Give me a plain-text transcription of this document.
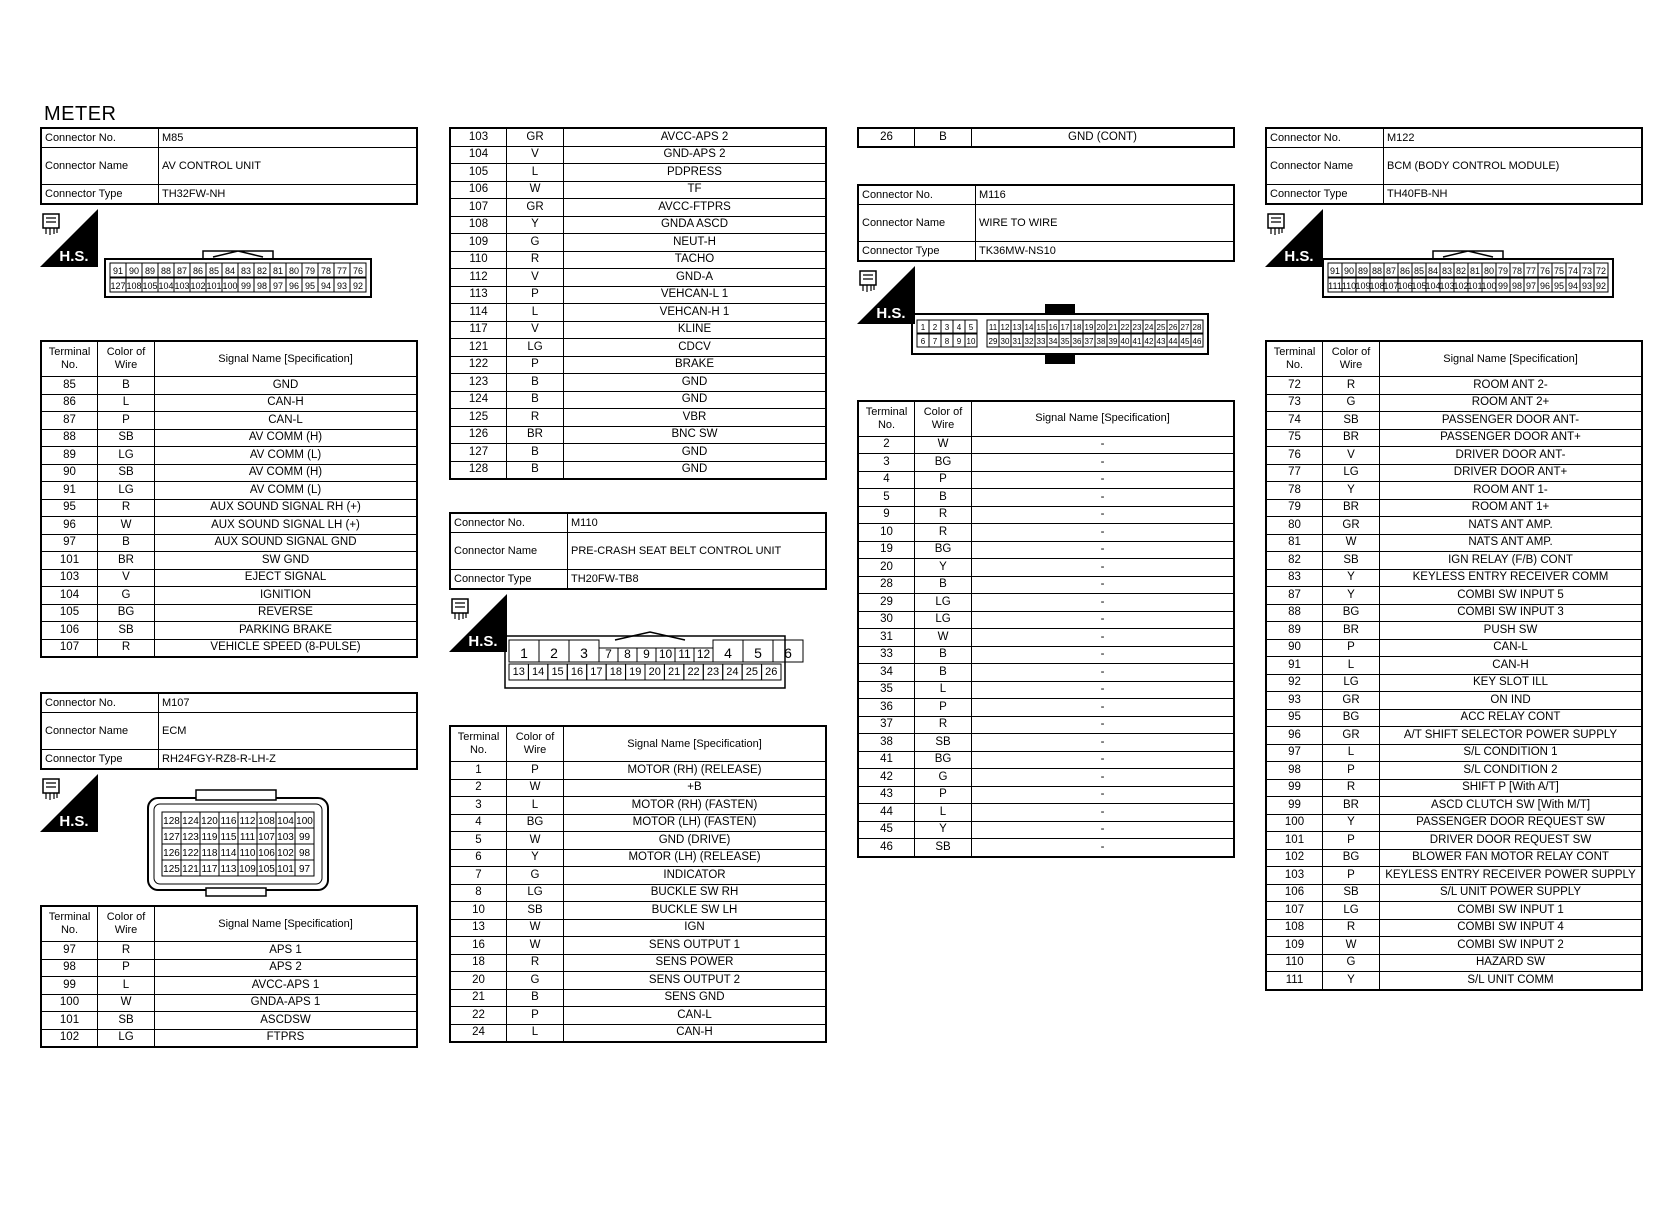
METER
Connector No.	M85
Connector Name	AV CONTROL UNIT
Connector Type	TH32FW-NH
H.S.
91 90 89 88 87 86 85 84 83 82 81 80 79 78 77 76
127 108 105 104 103 102 101 100 99 98 97 96 95 94 93 92
Terminal No.	Color of Wire	Signal Name [Specification]
85	B	GND
86	L	CAN-H
87	P	CAN-L
88	SB	AV COMM (H)
89	LG	AV COMM (L)
90	SB	AV COMM (H)
91	LG	AV COMM (L)
95	R	AUX SOUND SIGNAL RH (+)
96	W	AUX SOUND SIGNAL LH (+)
97	B	AUX SOUND SIGNAL GND
101	BR	SW GND
103	V	EJECT SIGNAL
104	G	IGNITION
105	BG	REVERSE
106	SB	PARKING BRAKE
107	R	VEHICLE SPEED (8-PULSE)
Connector No.	M107
Connector Name	ECM
Connector Type	RH24FGY-RZ8-R-LH-Z
H.S.	128 124 120 116 112 108 104 100
127 123 119 115 111 107 103 99
126 122 118 114 110 106 102 98
125 121 117 113 109 105 101 97
Terminal No.	Color of Wire	Signal Name [Specification]
97	R	APS 1
98	P	APS 2
99	L	AVCC-APS 1
100	W	GNDA-APS 1
101	SB	ASCDSW
102	LG	FTPRS
103	GR	AVCC-APS 2
104	V	GND-APS 2
105	L	PDPRESS
106	W	TF
107	GR	AVCC-FTPRS
108	Y	GNDA ASCD
109	G	NEUT-H
110	R	TACHO
112	V	GND-A
113	P	VEHCAN-L 1
114	L	VEHCAN-H 1
117	V	KLINE
121	LG	CDCV
122	P	BRAKE
123	B	GND
124	B	GND
125	R	VBR
126	BR	BNC SW
127	B	GND
128	B	GND
Connector No.	M110
Connector Name	PRE-CRASH SEAT BELT CONTROL UNIT
Connector Type	TH20FW-TB8
H.S.
1 2 3 7 8 9 10 11 12 4 5 6
13 14 15 16 17 18 19 20 21 22 23 24 25 26
Terminal No.	Color of Wire	Signal Name [Specification]
1	P	MOTOR (RH) (RELEASE)
2	W	+B
3	L	MOTOR (RH) (FASTEN)
4	BG	MOTOR (LH) (FASTEN)
5	W	GND (DRIVE)
6	Y	MOTOR (LH) (RELEASE)
7	G	INDICATOR
8	LG	BUCKLE SW RH
10	SB	BUCKLE SW LH
13	W	IGN
16	W	SENS OUTPUT 1
18	R	SENS POWER
20	G	SENS OUTPUT 2
21	B	SENS GND
22	P	CAN-L
24	L	CAN-H
26	B	GND (CONT)
Connector No.	M116
Connector Name	WIRE TO WIRE
Connector Type	TK36MW-NS10
H.S.
1 2 3 4 5 11 12 13 14 15 16 17 18 19 20 21 22 23 24 25 26 27 28
6 7 8 9 10 29 30 31 32 33 34 35 36 37 38 39 40 41 42 43 44 45 46
Terminal No.	Color of Wire	Signal Name [Specification]
2	W	-
3	BG	-
4	P	-
5	B	-
9	R	-
10	R	-
19	BG	-
20	Y	-
28	B	-
29	LG	-
30	LG	-
31	W	-
33	B	-
34	B	-
35	L	-
36	P	-
37	R	-
38	SB	-
41	BG	-
42	G	-
43	P	-
44	L	-
45	Y	-
46	SB	-
Connector No.	M122
Connector Name	BCM (BODY CONTROL MODULE)
Connector Type	TH40FB-NH
H.S.
91 90 89 88 87 86 85 84 83 82 81 80 79 78 77 76 75 74 73 72
111 110 109
108
107
106
105
104
103
102
101
100 99 98 97 96 95 94 93 92
Terminal No.	Color of Wire	Signal Name [Specification]
72	R	ROOM ANT 2-
73	G	ROOM ANT 2+
74	SB	PASSENGER DOOR ANT-
75	BR	PASSENGER DOOR ANT+
76	V	DRIVER DOOR ANT-
77	LG	DRIVER DOOR ANT+
78	Y	ROOM ANT 1-
79	BR	ROOM ANT 1+
80	GR	NATS ANT AMP.
81	W	NATS ANT AMP.
82	SB	IGN RELAY (F/B) CONT
83	Y	KEYLESS ENTRY RECEIVER COMM
87	Y	COMBI SW INPUT 5
88	BG	COMBI SW INPUT 3
89	BR	PUSH SW
90	P	CAN-L
91	L	CAN-H
92	LG	KEY SLOT ILL
93	GR	ON IND
95	BG	ACC RELAY CONT
96	GR	A/T SHIFT SELECTOR POWER SUPPLY
97	L	S/L CONDITION 1
98	P	S/L CONDITION 2
99	R	SHIFT P [With A/T]
99	BR	ASCD CLUTCH SW [With M/T]
100	Y	PASSENGER DOOR REQUEST SW
101	P	DRIVER DOOR REQUEST SW
102	BG	BLOWER FAN MOTOR RELAY CONT
103	P	KEYLESS ENTRY RECEIVER POWER SUPPLY
106	SB	S/L UNIT POWER SUPPLY
107	LG	COMBI SW INPUT 1
108	R	COMBI SW INPUT 4
109	W	COMBI SW INPUT 2
110	G	HAZARD SW
111	Y	S/L UNIT COMM
